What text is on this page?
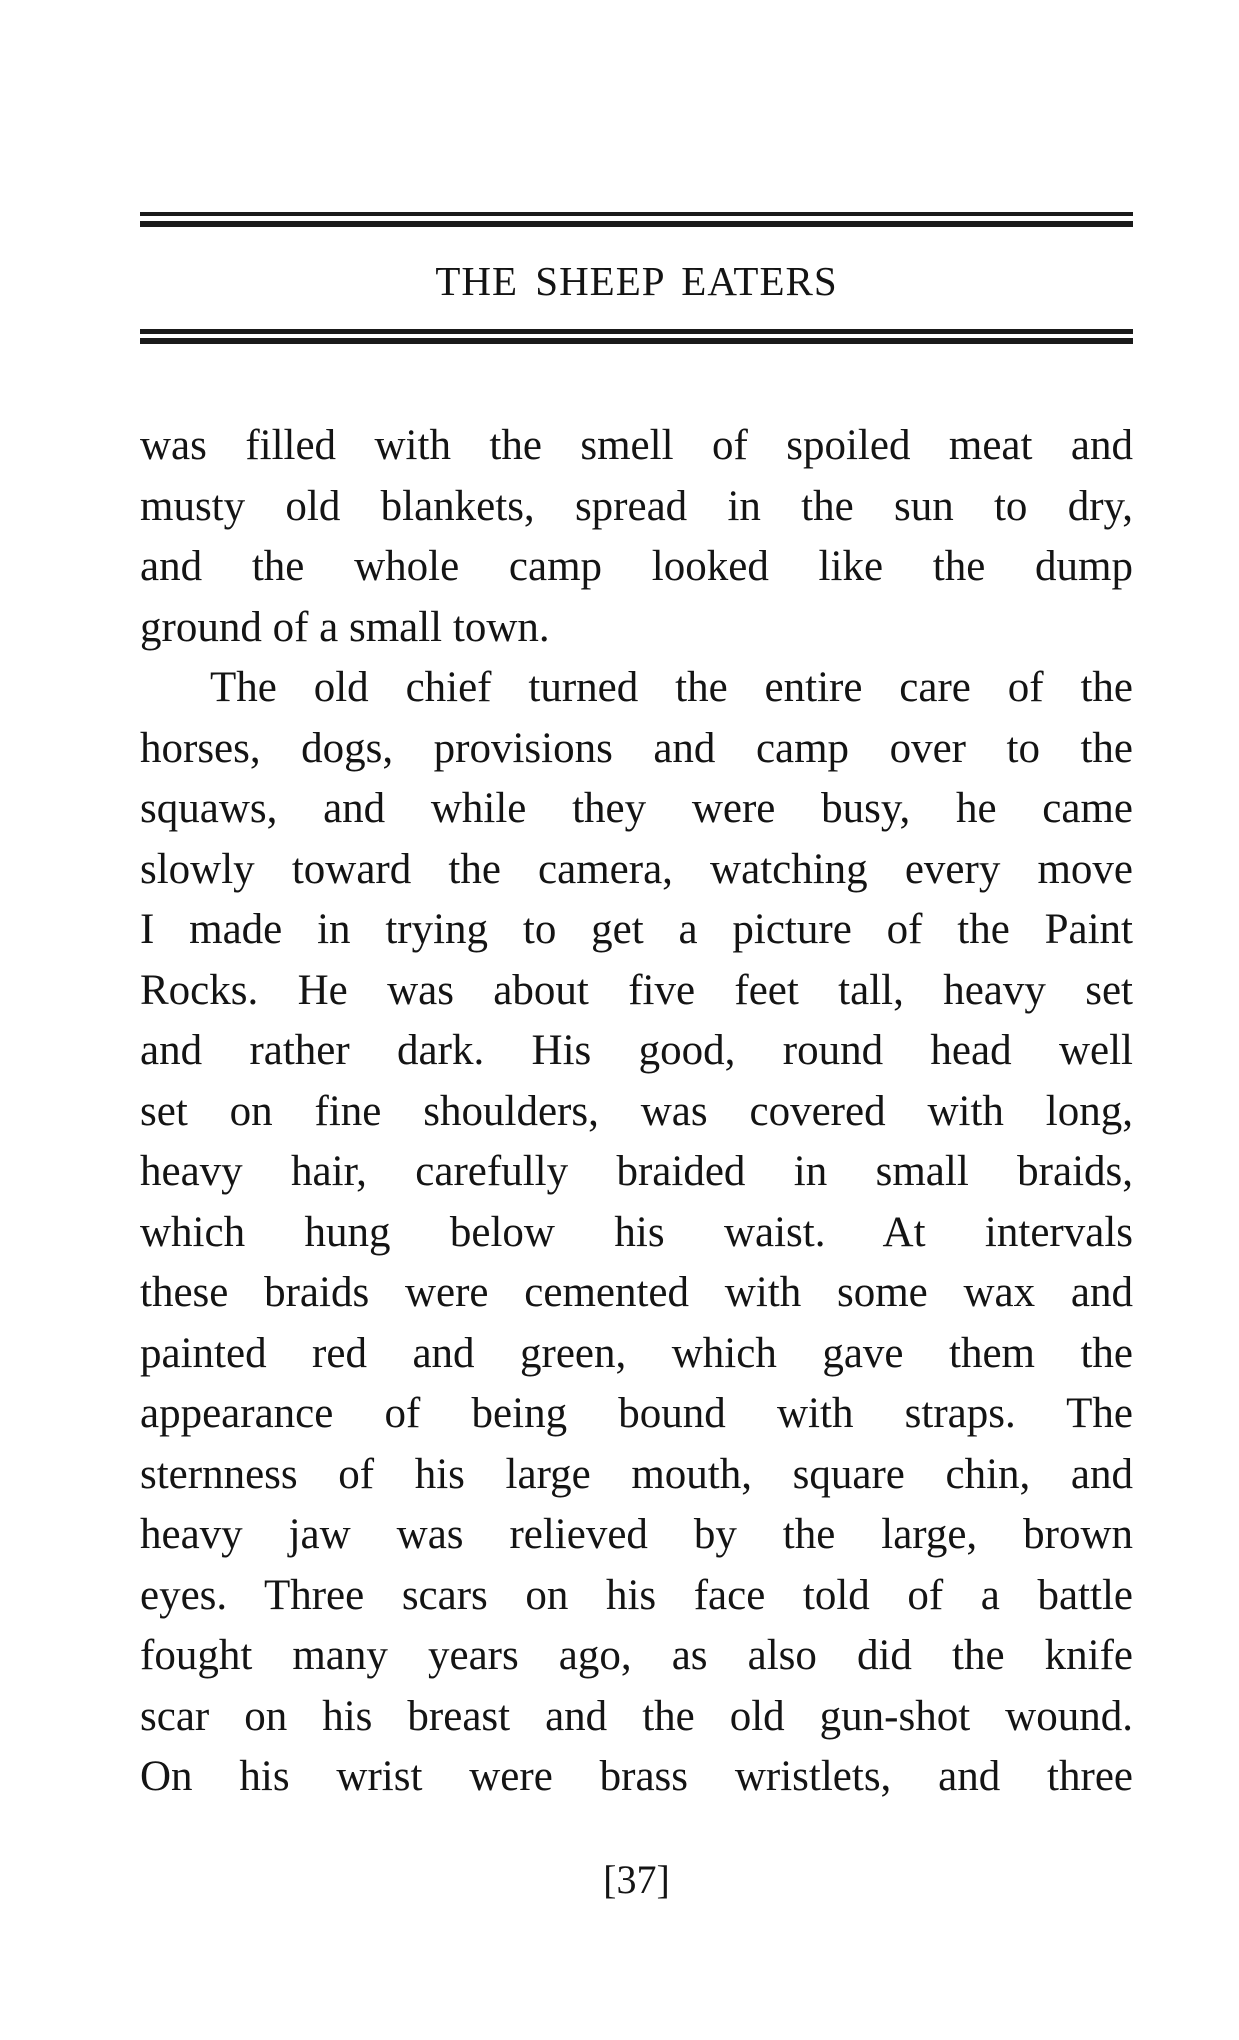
THE SHEEP EATERS
was filled with the smell of spoiled meat and
musty old blankets, spread in the sun to dry,
and the whole camp looked like the dump
ground of a small town.
The old chief turned the entire care of the
horses, dogs, provisions and camp over to the
squaws, and while they were busy, he came
slowly toward the camera, watching every move
I made in trying to get a picture of the Paint
Rocks. He was about five feet tall, heavy set
and rather dark. His good, round head well
set on fine shoulders, was covered with long,
heavy hair, carefully braided in small braids,
which hung below his waist. At intervals
these braids were cemented with some wax and
painted red and green, which gave them the
appearance of being bound with straps. The
sternness of his large mouth, square chin, and
heavy jaw was relieved by the large, brown
eyes. Three scars on his face told of a battle
fought many years ago, as also did the knife
scar on his breast and the old gun-shot wound.
On his wrist were brass wristlets, and three
[37]
